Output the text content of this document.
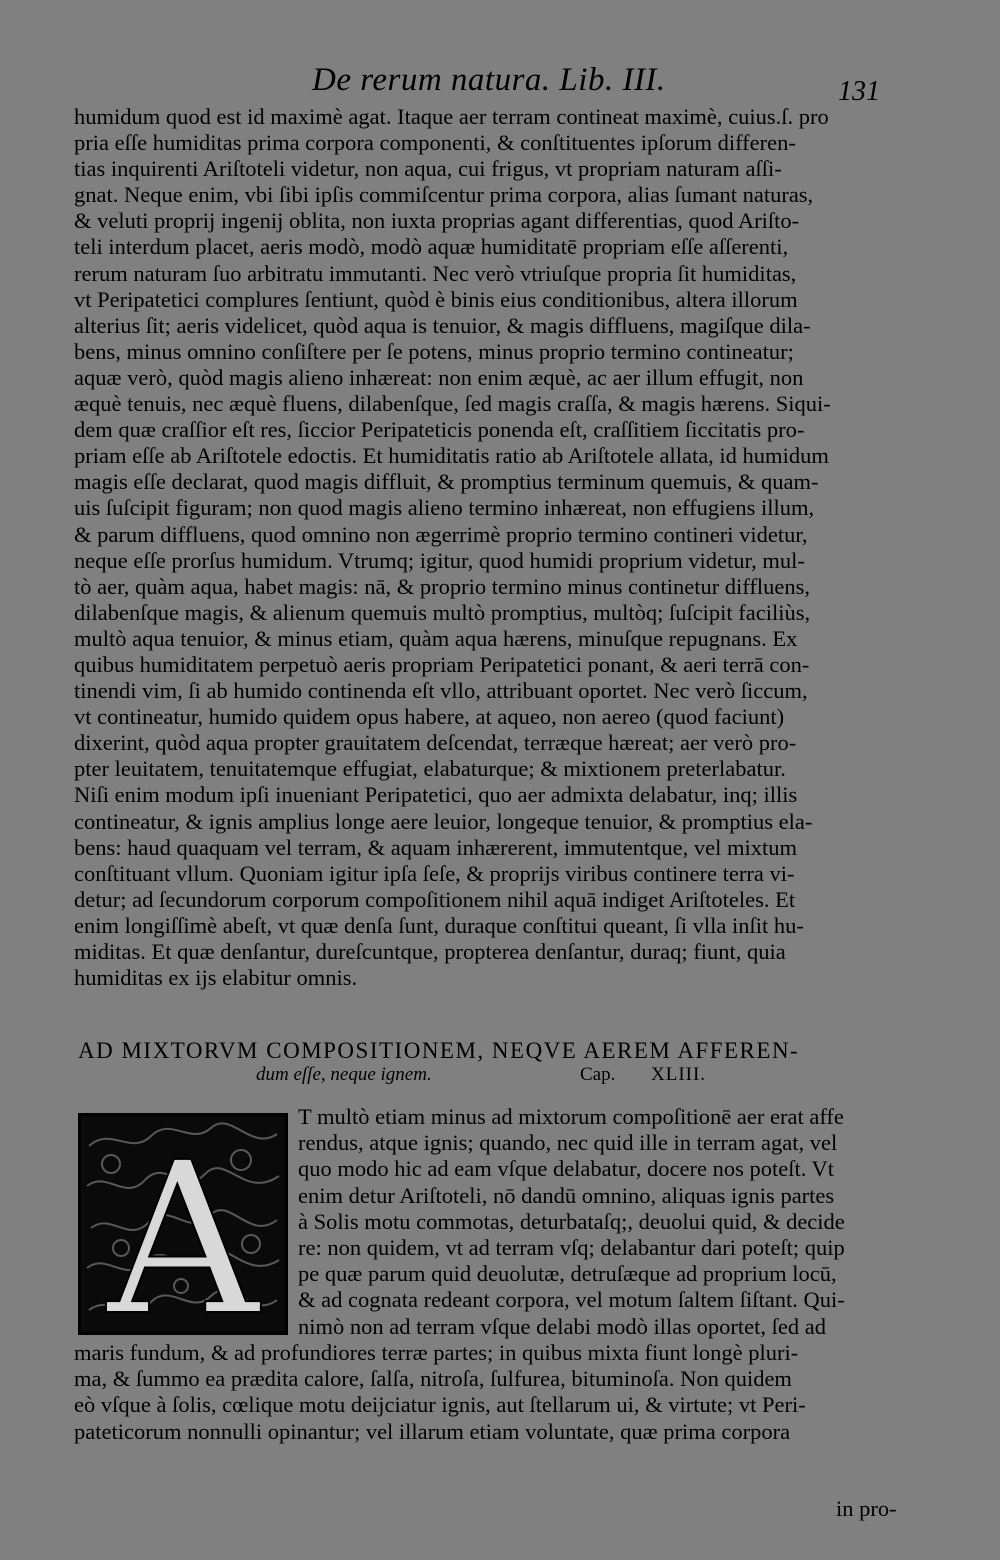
De rerum natura. Lib. III.	131
humidum quod est id maximè agat. Itaque aer terram contineat maximè, cuius.ſ. pro
pria eſſe humiditas prima corpora componenti, & conſtituentes ipſorum differen-
tias inquirenti Ariſtoteli videtur, non aqua, cui frigus, vt propriam naturam aſſi-
gnat. Neque enim, vbi ſibi ipſis commiſcentur prima corpora, alias ſumant naturas,
& veluti proprij ingenij oblita, non iuxta proprias agant differentias, quod Ariſto-
teli interdum placet, aeris modò, modò aquæ humiditatē propriam eſſe aſſerenti,
rerum naturam ſuo arbitratu immutanti. Nec verò vtriuſque propria ſit humiditas,
vt Peripatetici complures ſentiunt, quòd è binis eius conditionibus, altera illorum
alterius ſit; aeris videlicet, quòd aqua is tenuior, & magis diffluens, magiſque dila-
bens, minus omnino conſiſtere per ſe potens, minus proprio termino contineatur;
aquæ verò, quòd magis alieno inhæreat: non enim æquè, ac aer illum effugit, non
æquè tenuis, nec æquè fluens, dilabenſque, ſed magis craſſa, & magis hærens. Siqui-
dem quæ craſſior eſt res, ſiccior Peripateticis ponenda eſt, craſſitiem ſiccitatis pro-
priam eſſe ab Ariſtotele edoctis. Et humiditatis ratio ab Ariſtotele allata, id humidum
magis eſſe declarat, quod magis diffluit, & promptius terminum quemuis, & quam-
uis ſuſcipit figuram; non quod magis alieno termino inhæreat, non effugiens illum,
& parum diffluens, quod omnino non ægerrimè proprio termino contineri videtur,
neque eſſe prorſus humidum. Vtrumq; igitur, quod humidi proprium videtur, mul-
tò aer, quàm aqua, habet magis: nā, & proprio termino minus continetur diffluens,
dilabenſque magis, & alienum quemuis multò promptius, multòq; ſuſcipit faciliùs,
multò aqua tenuior, & minus etiam, quàm aqua hærens, minuſque repugnans. Ex
quibus humiditatem perpetuò aeris propriam Peripatetici ponant, & aeri terrā con-
tinendi vim, ſi ab humido continenda eſt vllo, attribuant oportet. Nec verò ſiccum,
vt contineatur, humido quidem opus habere, at aqueo, non aereo (quod faciunt)
dixerint, quòd aqua propter grauitatem deſcendat, terræque hæreat; aer verò pro-
pter leuitatem, tenuitatemque effugiat, elabaturque; & mixtionem preterlabatur.
Niſi enim modum ipſi inueniant Peripatetici, quo aer admixta delabatur, inq; illis
contineatur, & ignis amplius longe aere leuior, longeque tenuior, & promptius ela-
bens: haud quaquam vel terram, & aquam inhærerent, immutentque, vel mixtum
conſtituant vllum. Quoniam igitur ipſa ſeſe, & proprijs viribus continere terra vi-
detur; ad ſecundorum corporum compoſitionem nihil aquā indiget Ariſtoteles. Et
enim longiſſimè abeſt, vt quæ denſa ſunt, duraque conſtitui queant, ſi vlla inſit hu-
miditas. Et quæ denſantur, dureſcuntque, propterea denſantur, duraq; fiunt, quia
humiditas ex ijs elabitur omnis.
AD MIXTORVM COMPOSITIONEM, NEQVE AEREM AFFEREN-
dum eſſe, neque ignem.	Cap. XLIII.
A
T multò etiam minus ad mixtorum compoſitionē aer erat affe
rendus, atque ignis; quando, nec quid ille in terram agat, vel
quo modo hic ad eam vſque delabatur, docere nos poteſt. Vt
enim detur Ariſtoteli, nō dandū omnino, aliquas ignis partes
à Solis motu commotas, deturbataſq;, deuolui quid, & decide
re: non quidem, vt ad terram vſq; delabantur dari poteſt; quip
pe quæ parum quid deuolutæ, detruſæque ad proprium locū,
& ad cognata redeant corpora, vel motum ſaltem ſiſtant. Qui-
nimò non ad terram vſque delabi modò illas oportet, ſed ad
maris fundum, & ad profundiores terræ partes; in quibus mixta fiunt longè pluri-
ma, & ſummo ea prædita calore, ſalſa, nitroſa, ſulfurea, bituminoſa. Non quidem
eò vſque à ſolis, cœlique motu deijciatur ignis, aut ſtellarum ui, & virtute; vt Peri-
pateticorum nonnulli opinantur; vel illarum etiam voluntate, quæ prima corpora
in pro-
